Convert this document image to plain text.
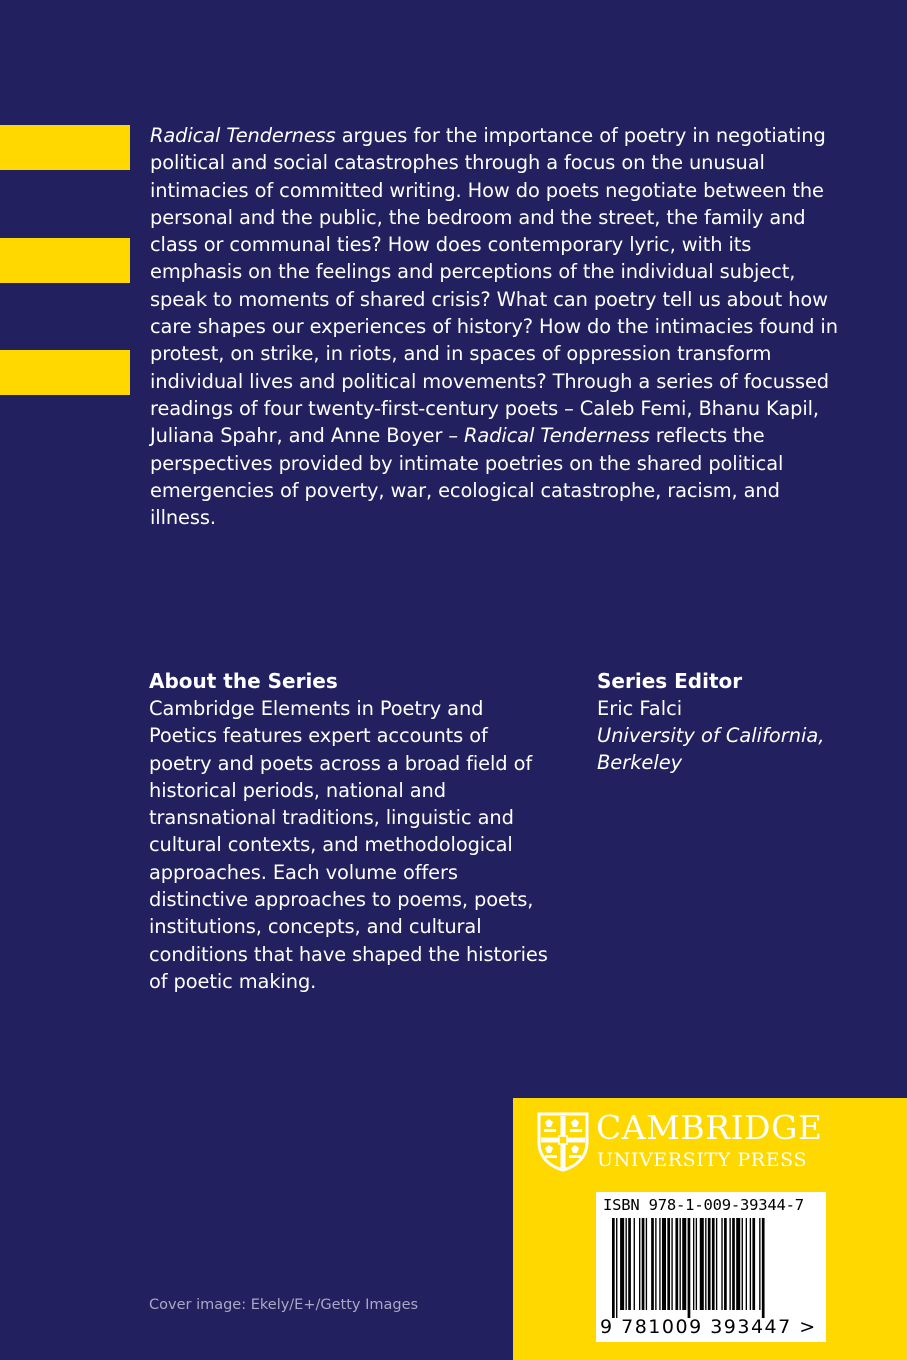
Radical Tenderness argues for the importance of poetry in negotiating political and social catastrophes through a focus on the unusual intimacies of committed writing. How do poets negotiate between the personal and the public, the bedroom and the street, the family and class or communal ties? How does contemporary lyric, with its emphasis on the feelings and perceptions of the individual subject, speak to moments of shared crisis? What can poetry tell us about how care shapes our experiences of history? How do the intimacies found in protest, on strike, in riots, and in spaces of oppression transform individual lives and political movements? Through a series of focussed readings of four twenty-first-century poets – Caleb Femi, Bhanu Kapil, Juliana Spahr, and Anne Boyer – Radical Tenderness reflects the perspectives provided by intimate poetries on the shared political emergencies of poverty, war, ecological catastrophe, racism, and illness.
About the Series
Cambridge Elements in Poetry and Poetics features expert accounts of poetry and poets across a broad field of historical periods, national and transnational traditions, linguistic and cultural contexts, and methodological approaches. Each volume offers distinctive approaches to poems, poets, institutions, concepts, and cultural conditions that have shaped the histories of poetic making.
Series Editor
Eric Falci
University of California, Berkeley
Cover image: Ekely/E+/Getty Images
CAMBRIDGE
UNIVERSITY PRESS
ISBN 978-1-009-39344-7
9 781009 393447 >
